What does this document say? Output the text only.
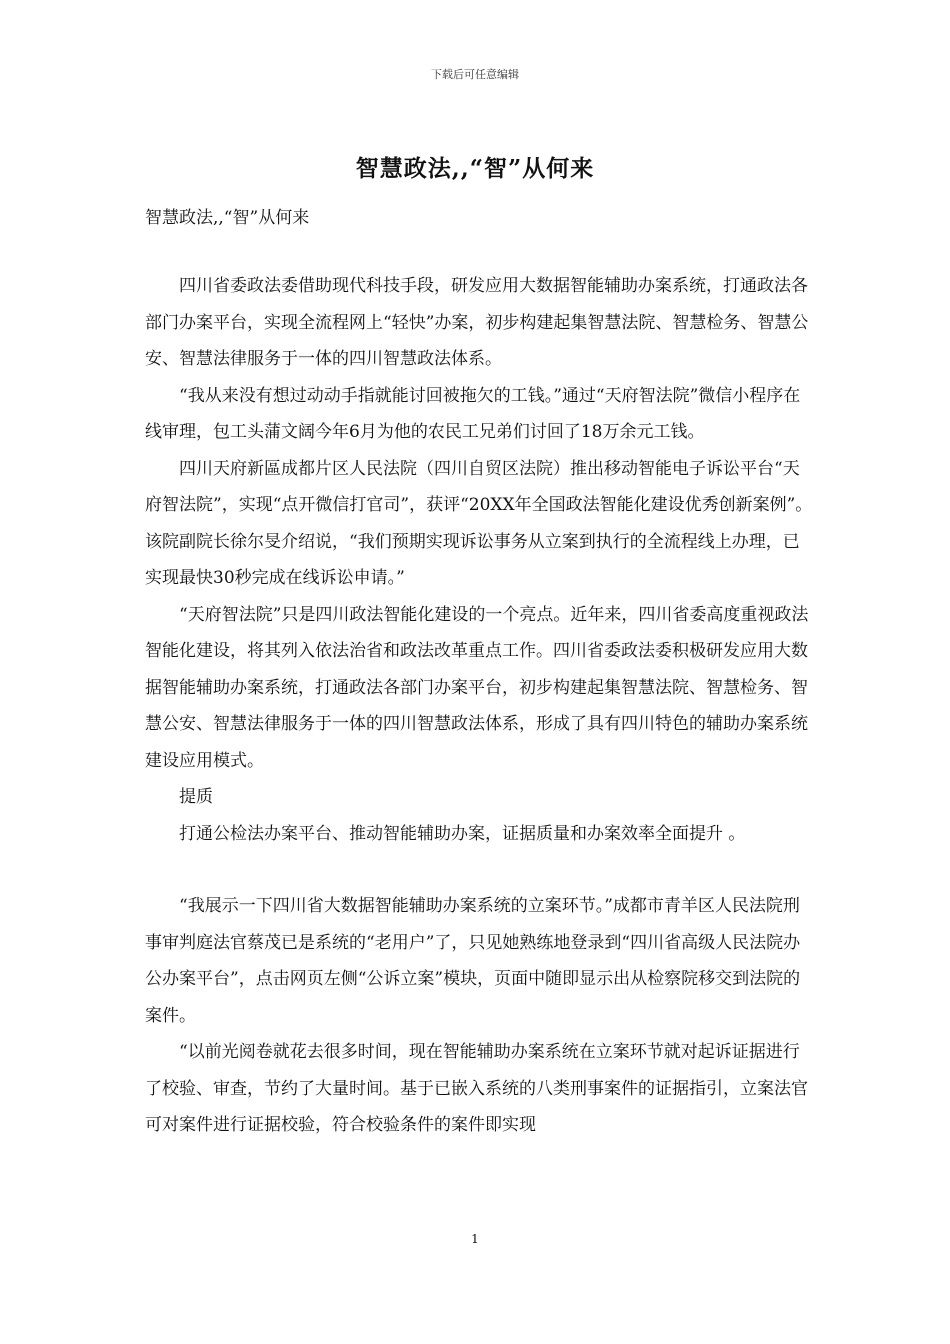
下载后可任意编辑
智慧政法,,“智”从何来
智慧政法,,“智”从何来

四川省委政法委借助现代科技手段，研发应用大数据智能辅助办案系统，打通政法各部门办案平台，实现全流程网上“轻快”办案，初步构建起集智慧法院、智慧检务、智慧公安、智慧法律服务于一体的四川智慧政法体系。

“我从来没有想过动动手指就能讨回被拖欠的工钱。”通过“天府智法院”微信小程序在线审理，包工头蒲文阔今年6月为他的农民工兄弟们讨回了18万余元工钱。

四川天府新區成都片区人民法院（四川自贸区法院）推出移动智能电子诉讼平台“天府智法院”，实现“点开微信打官司”，获评“20XX年全国政法智能化建设优秀创新案例”。该院副院长徐尔旻介绍说，“我们预期实现诉讼事务从立案到执行的全流程线上办理，已实现最快30秒完成在线诉讼申请。”

“天府智法院”只是四川政法智能化建设的一个亮点。近年来，四川省委高度重视政法智能化建设，将其列入依法治省和政法改革重点工作。四川省委政法委积极研发应用大数据智能辅助办案系统，打通政法各部门办案平台，初步构建起集智慧法院、智慧检务、智慧公安、智慧法律服务于一体的四川智慧政法体系，形成了具有四川特色的辅助办案系统建设应用模式。

提质

打通公检法办案平台、推动智能辅助办案，证据质量和办案效率全面提升 。

“我展示一下四川省大数据智能辅助办案系统的立案环节。”成都市青羊区人民法院刑事审判庭法官蔡茂已是系统的“老用户”了，只见她熟练地登录到“四川省高级人民法院办公办案平台”，点击网页左侧“公诉立案”模块，页面中随即显示出从检察院移交到法院的案件。

“以前光阅卷就花去很多时间，现在智能辅助办案系统在立案环节就对起诉证据进行了校验、审查，节约了大量时间。基于已嵌入系统的八类刑事案件的证据指引，立案法官可对案件进行证据校验，符合校验条件的案件即实现

1
